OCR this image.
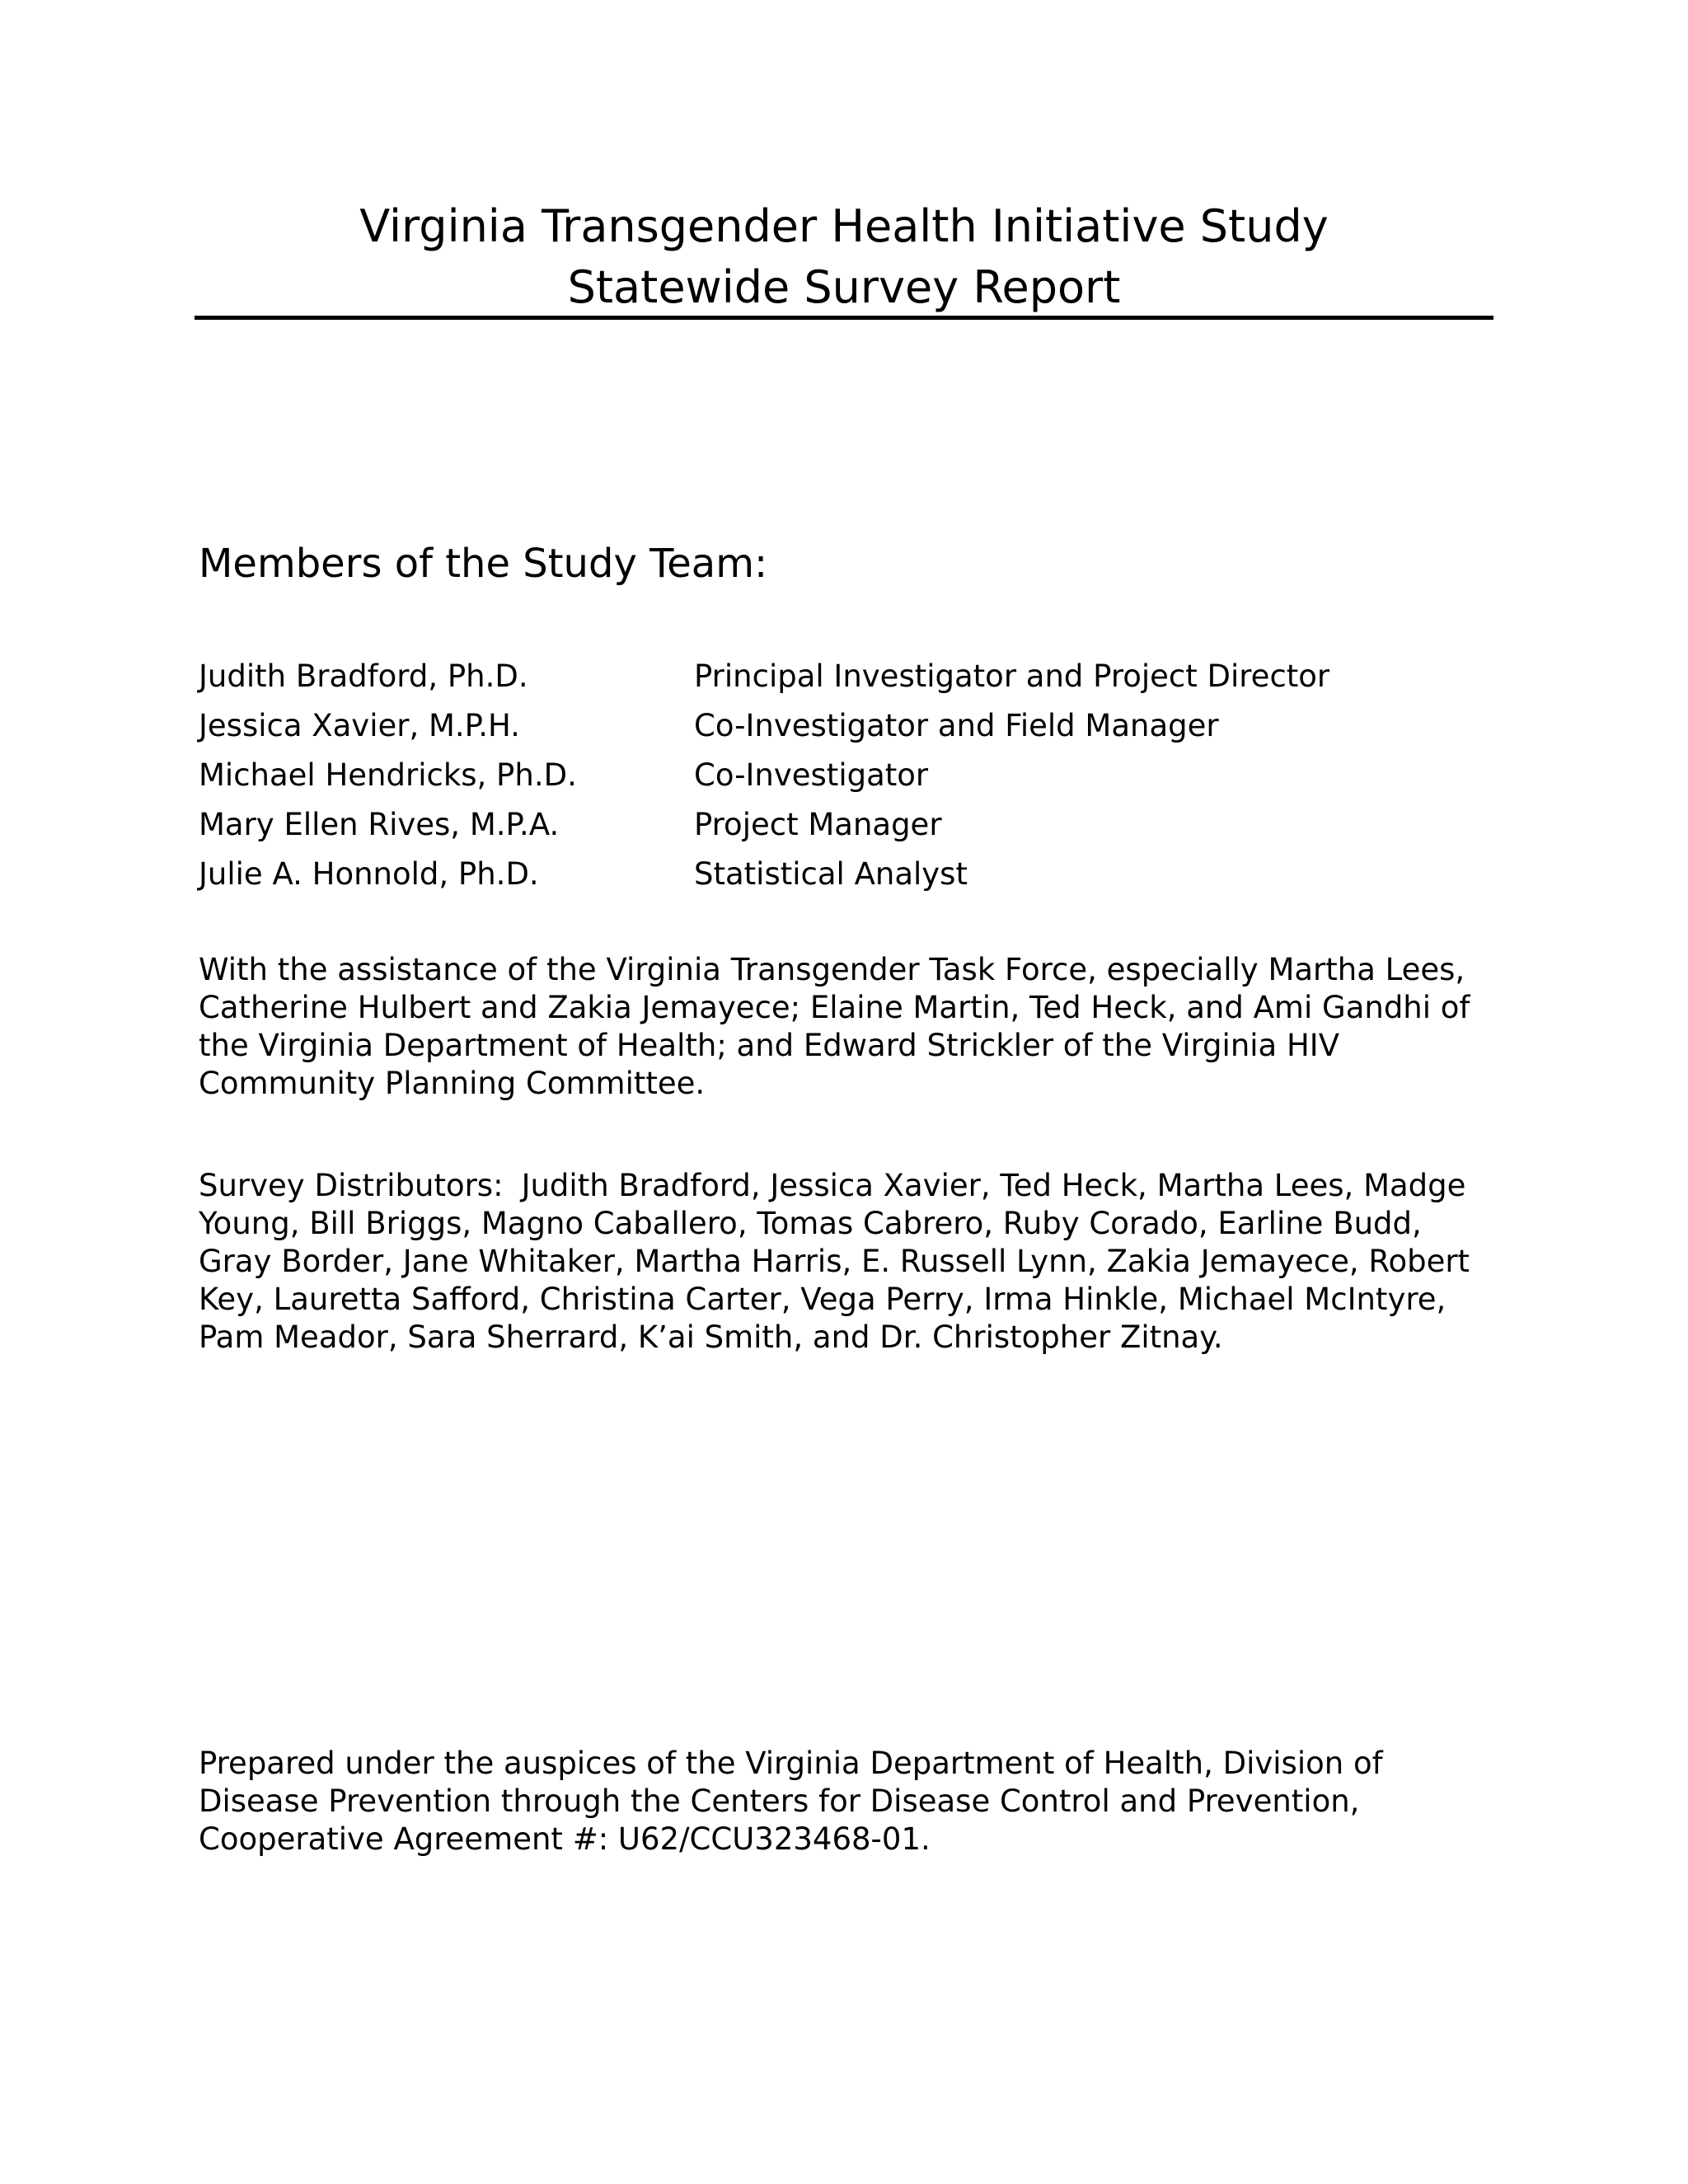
Virginia Transgender Health Initiative Study

Statewide Survey Report

Members of the Study Team:
Judith Bradford, Ph.D.	Principal Investigator and Project Director
Jessica Xavier, M.P.H.	Co-Investigator and Field Manager
Michael Hendricks, Ph.D.	Co-Investigator
Mary Ellen Rives, M.P.A.	Project Manager
Julie A. Honnold, Ph.D.	Statistical Analyst

With the assistance of the Virginia Transgender Task Force, especially Martha Lees, Catherine Hulbert and Zakia Jemayece; Elaine Martin, Ted Heck, and Ami Gandhi of the Virginia Department of Health; and Edward Strickler of the Virginia HIV Community Planning Committee.

Survey Distributors: Judith Bradford, Jessica Xavier, Ted Heck, Martha Lees, Madge Young, Bill Briggs, Magno Caballero, Tomas Cabrero, Ruby Corado, Earline Budd, Gray Border, Jane Whitaker, Martha Harris, E. Russell Lynn, Zakia Jemayece, Robert Key, Lauretta Safford, Christina Carter, Vega Perry, Irma Hinkle, Michael McIntyre, Pam Meador, Sara Sherrard, K’ai Smith, and Dr. Christopher Zitnay.

Prepared under the auspices of the Virginia Department of Health, Division of Disease Prevention through the Centers for Disease Control and Prevention, Cooperative Agreement #: U62/CCU323468-01.
